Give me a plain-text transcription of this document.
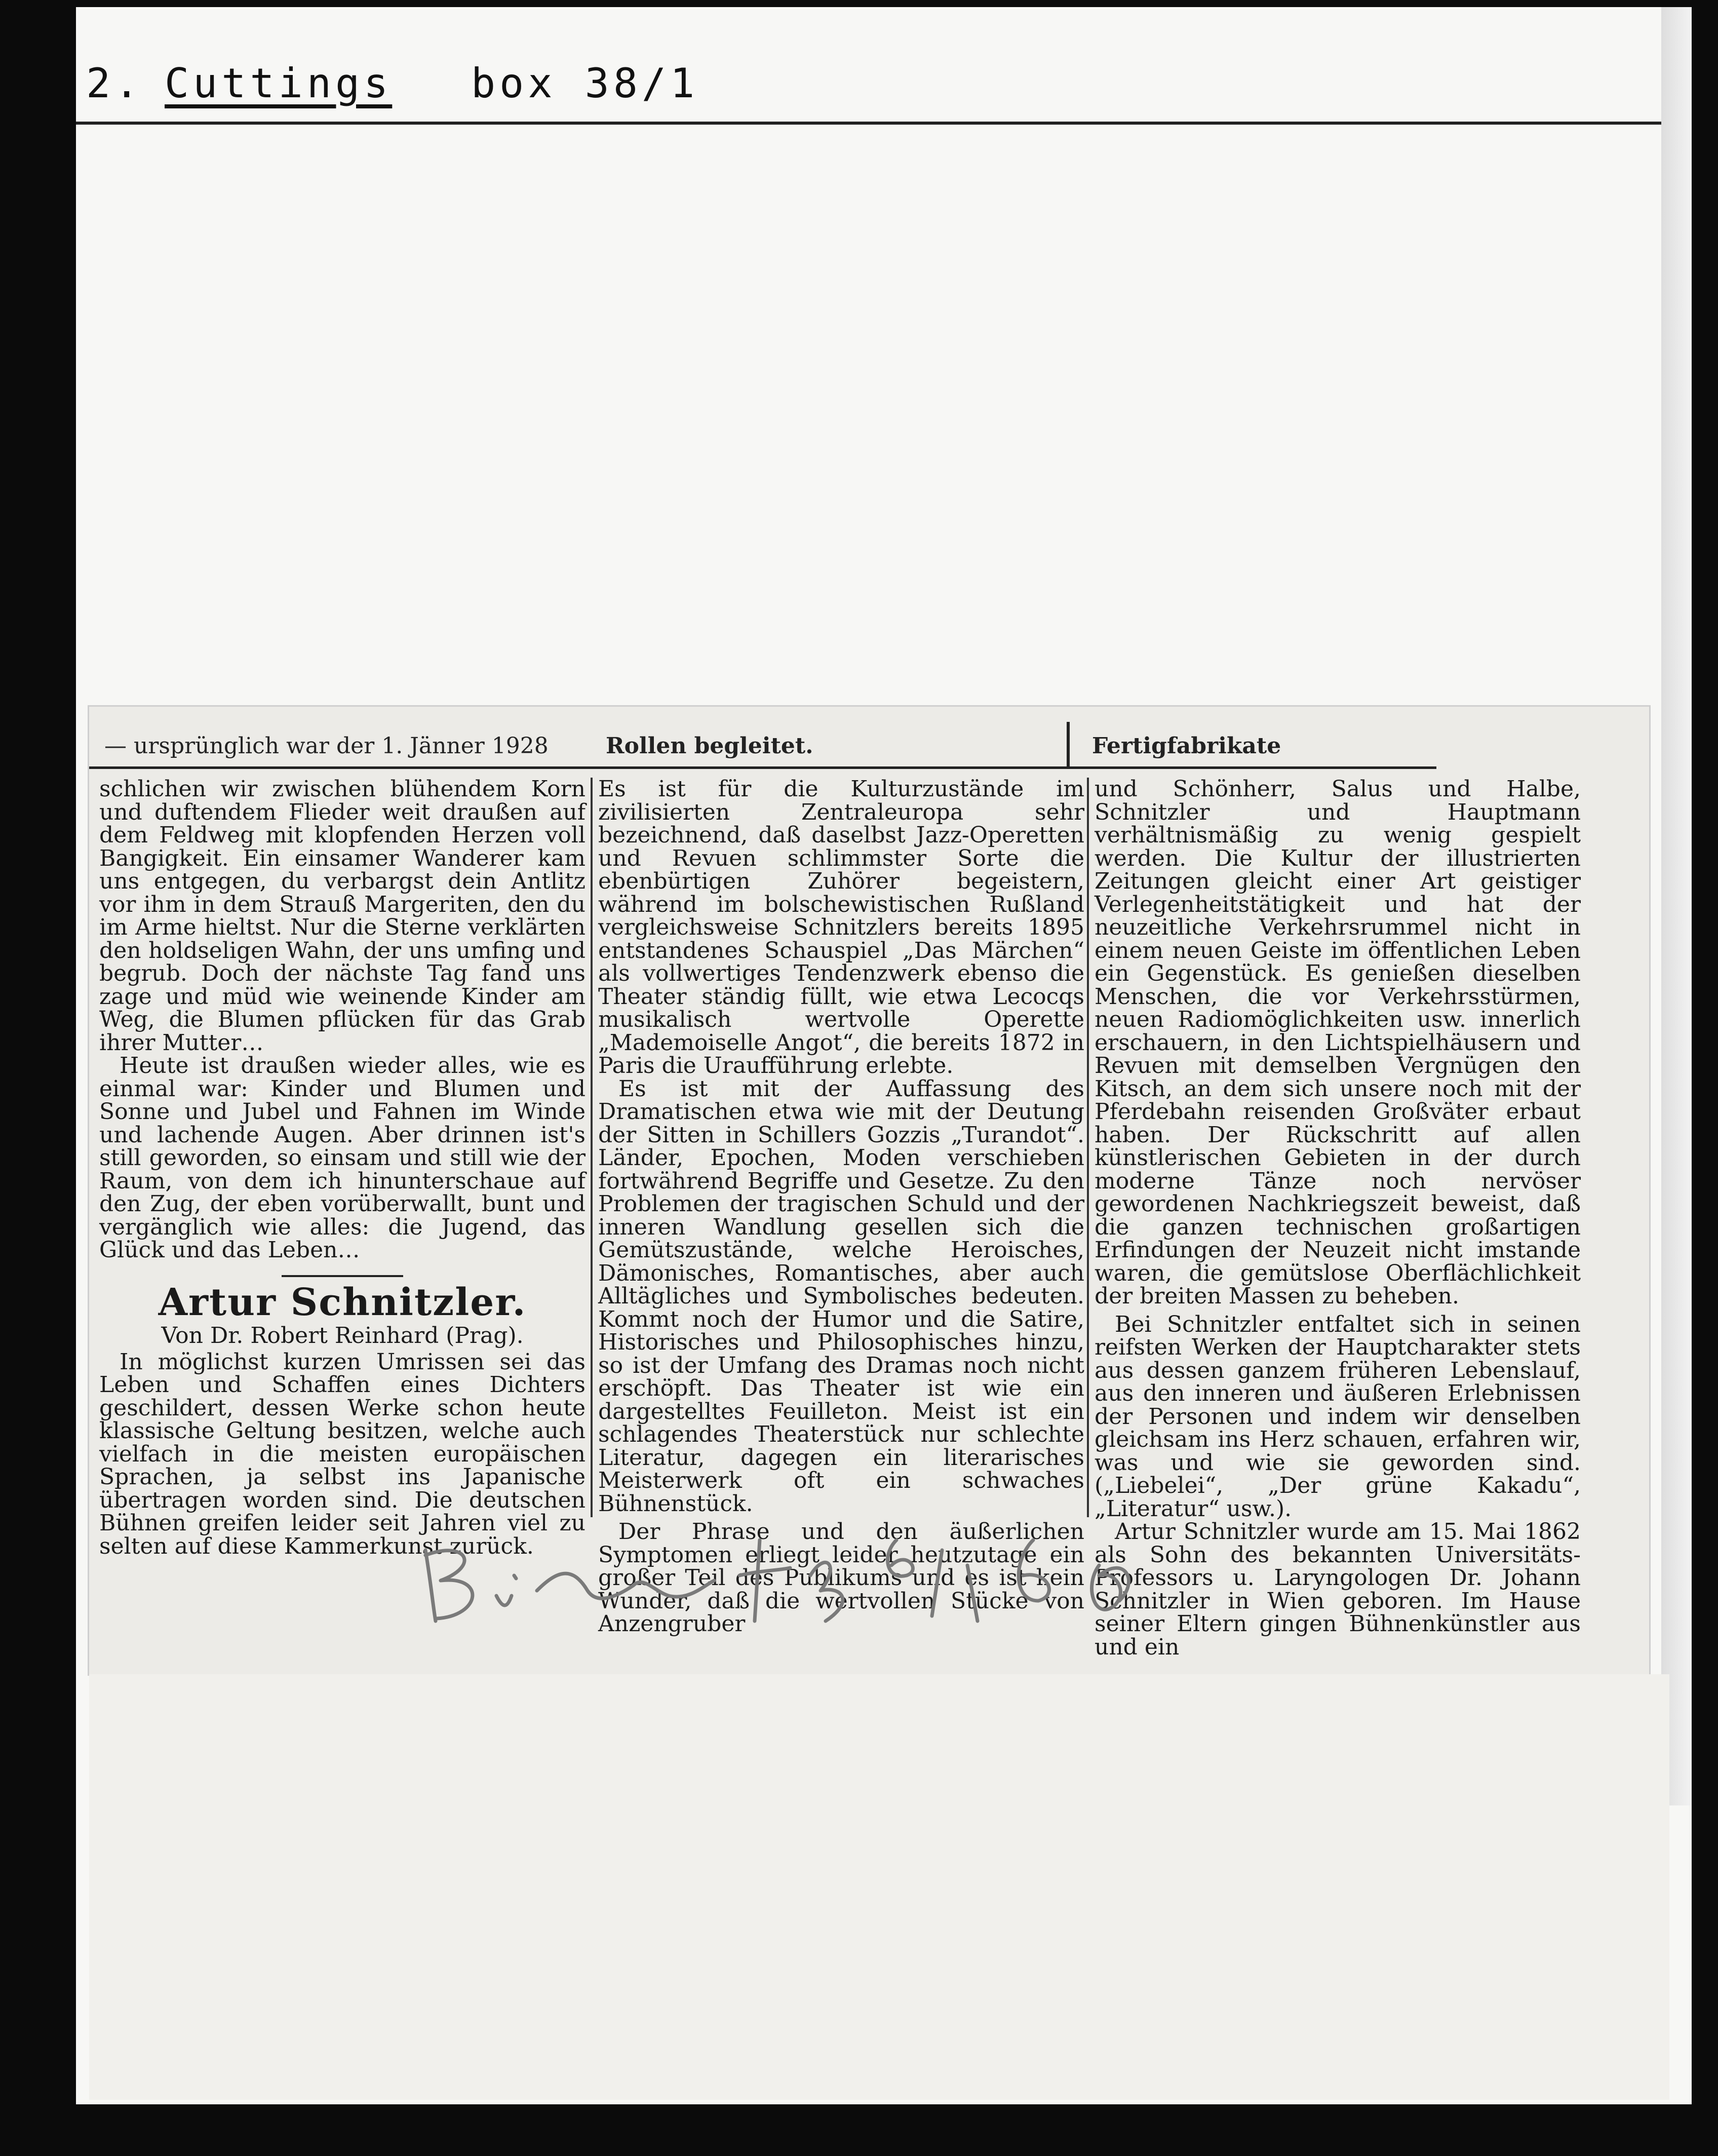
2. Cuttings box 38/1
— ursprünglich war der 1. Jänner 1928	Rollen begleitet.	Fertigfabrikate

schlichen wir zwischen blühendem Korn und duftendem Flieder weit draußen auf dem Feldweg mit klopfenden Herzen voll Bangigkeit. Ein einsamer Wanderer kam uns entgegen, du verbargst dein Antlitz vor ihm in dem Strauß Margeriten, den du im Arme hieltst. Nur die Sterne verklärten den holdseligen Wahn, der uns umfing und begrub. Doch der nächste Tag fand uns zage und müd wie weinende Kinder am Weg, die Blumen pflücken für das Grab ihrer Mutter…

Heute ist draußen wieder alles, wie es einmal war: Kinder und Blumen und Sonne und Jubel und Fahnen im Winde und lachende Augen. Aber drinnen ist's still geworden, so einsam und still wie der Raum, von dem ich hinunterschaue auf den Zug, der eben vorüberwallt, bunt und vergänglich wie alles: die Jugend, das Glück und das Leben…

Artur Schnitzler.
Von Dr. Robert Reinhard (Prag).

In möglichst kurzen Umrissen sei das Leben und Schaffen eines Dichters geschildert, dessen Werke schon heute klassische Geltung besitzen, welche auch vielfach in die meisten europäischen Sprachen, ja selbst ins Japanische übertragen worden sind. Die deutschen Bühnen greifen leider seit Jahren viel zu selten auf diese Kammerkunst zurück.

Es ist für die Kulturzustände im zivilisierten Zentraleuropa sehr bezeichnend, daß daselbst Jazz-Operetten und Revuen schlimmster Sorte die ebenbürtigen Zuhörer begeistern, während im bolschewistischen Rußland vergleichsweise Schnitzlers bereits 1895 entstandenes Schauspiel „Das Märchen“ als vollwertiges Tendenzwerk ebenso die Theater ständig füllt, wie etwa Lecocqs musikalisch wertvolle Operette „Mademoiselle Angot“, die bereits 1872 in Paris die Uraufführung erlebte.

Es ist mit der Auffassung des Dramatischen etwa wie mit der Deutung der Sitten in Schillers Gozzis „Turandot“. Länder, Epochen, Moden verschieben fortwährend Begriffe und Gesetze. Zu den Problemen der tragischen Schuld und der inneren Wandlung gesellen sich die Gemütszustände, welche Heroisches, Dämonisches, Romantisches, aber auch Alltägliches und Symbolisches bedeuten. Kommt noch der Humor und die Satire, Historisches und Philosophisches hinzu, so ist der Umfang des Dramas noch nicht erschöpft. Das Theater ist wie ein dargestelltes Feuilleton. Meist ist ein schlagendes Theaterstück nur schlechte Literatur, dagegen ein literarisches Meisterwerk oft ein schwaches Bühnenstück.

Der Phrase und den äußerlichen Symptomen erliegt leider heutzutage ein großer Teil des Publikums und es ist kein Wunder, daß die wertvollen Stücke von Anzengruber

und Schönherr, Salus und Halbe, Schnitzler und Hauptmann verhältnismäßig zu wenig gespielt werden. Die Kultur der illustrierten Zeitungen gleicht einer Art geistiger Verlegenheitstätigkeit und hat der neuzeitliche Verkehrsrummel nicht in einem neuen Geiste im öffentlichen Leben ein Gegenstück. Es genießen dieselben Menschen, die vor Verkehrsstürmen, neuen Radiomöglichkeiten usw. innerlich erschauern, in den Lichtspielhäusern und Revuen mit demselben Vergnügen den Kitsch, an dem sich unsere noch mit der Pferdebahn reisenden Großväter erbaut haben. Der Rückschritt auf allen künstlerischen Gebieten in der durch moderne Tänze noch nervöser gewordenen Nachkriegszeit beweist, daß die ganzen technischen großartigen Erfindungen der Neuzeit nicht imstande waren, die gemütslose Oberflächlichkeit der breiten Massen zu beheben.

Bei Schnitzler entfaltet sich in seinen reifsten Werken der Hauptcharakter stets aus dessen ganzem früheren Lebenslauf, aus den inneren und äußeren Erlebnissen der Personen und indem wir denselben gleichsam ins Herz schauen, erfahren wir, was und wie sie geworden sind. („Liebelei“, „Der grüne Kakadu“, „Literatur“ usw.).

Artur Schnitzler wurde am 15. Mai 1862 als Sohn des bekannten Universitäts-Professors u. Laryngologen Dr. Johann Schnitzler in Wien geboren. Im Hause seiner Eltern gingen Bühnenkünstler aus und ein
